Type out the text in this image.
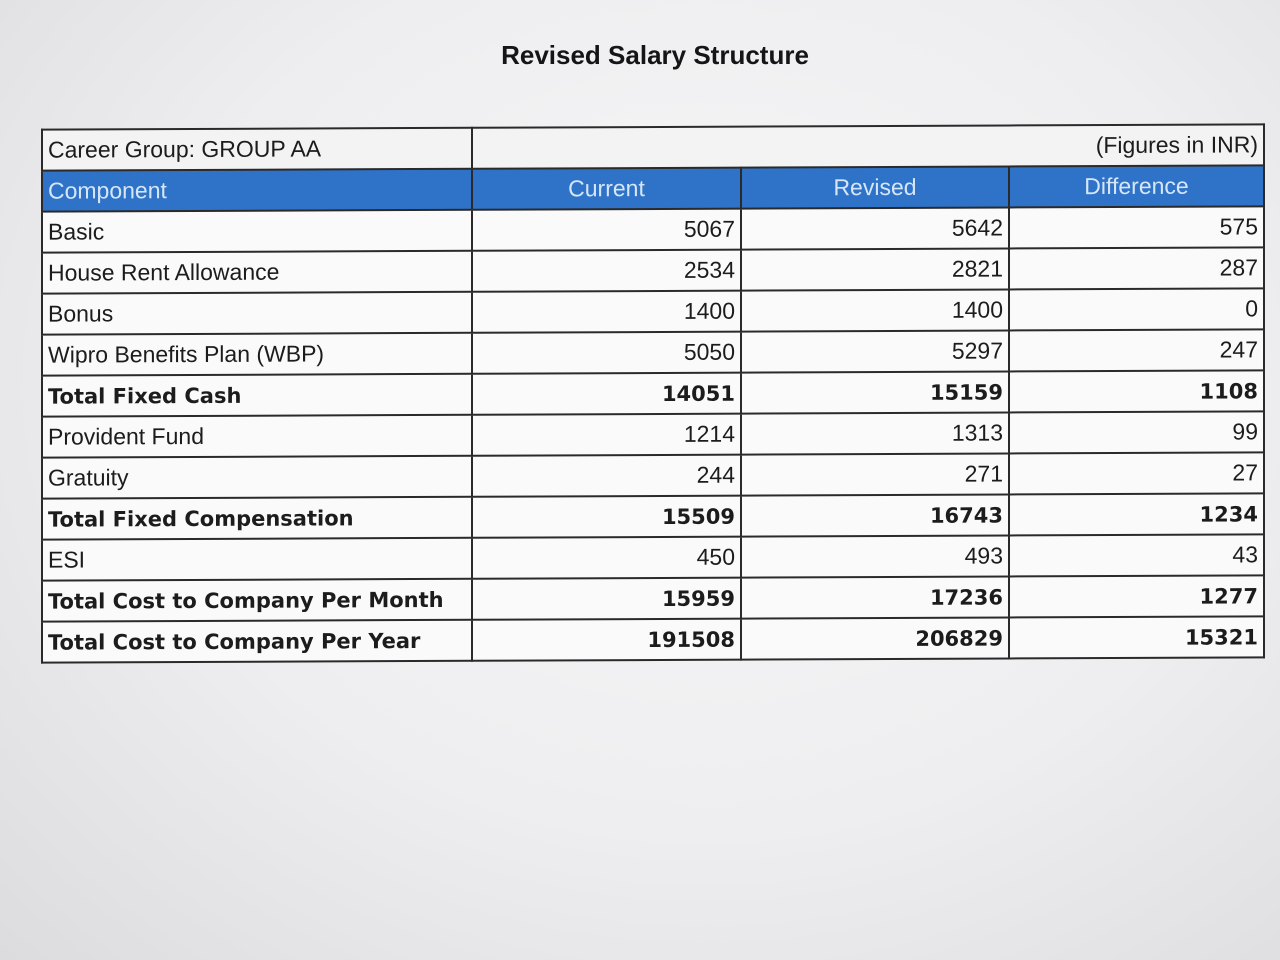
Revised Salary Structure
Career Group: GROUP AA	(Figures in INR)		
Component	Current	Revised	Difference
Basic	5067	5642	575
House Rent Allowance	2534	2821	287
Bonus	1400	1400	0
Wipro Benefits Plan (WBP)	5050	5297	247
Total Fixed Cash	14051	15159	1108
Provident Fund	1214	1313	99
Gratuity	244	271	27
Total Fixed Compensation	15509	16743	1234
ESI	450	493	43
Total Cost to Company Per Month	15959	17236	1277
Total Cost to Company Per Year	191508	206829	15321
